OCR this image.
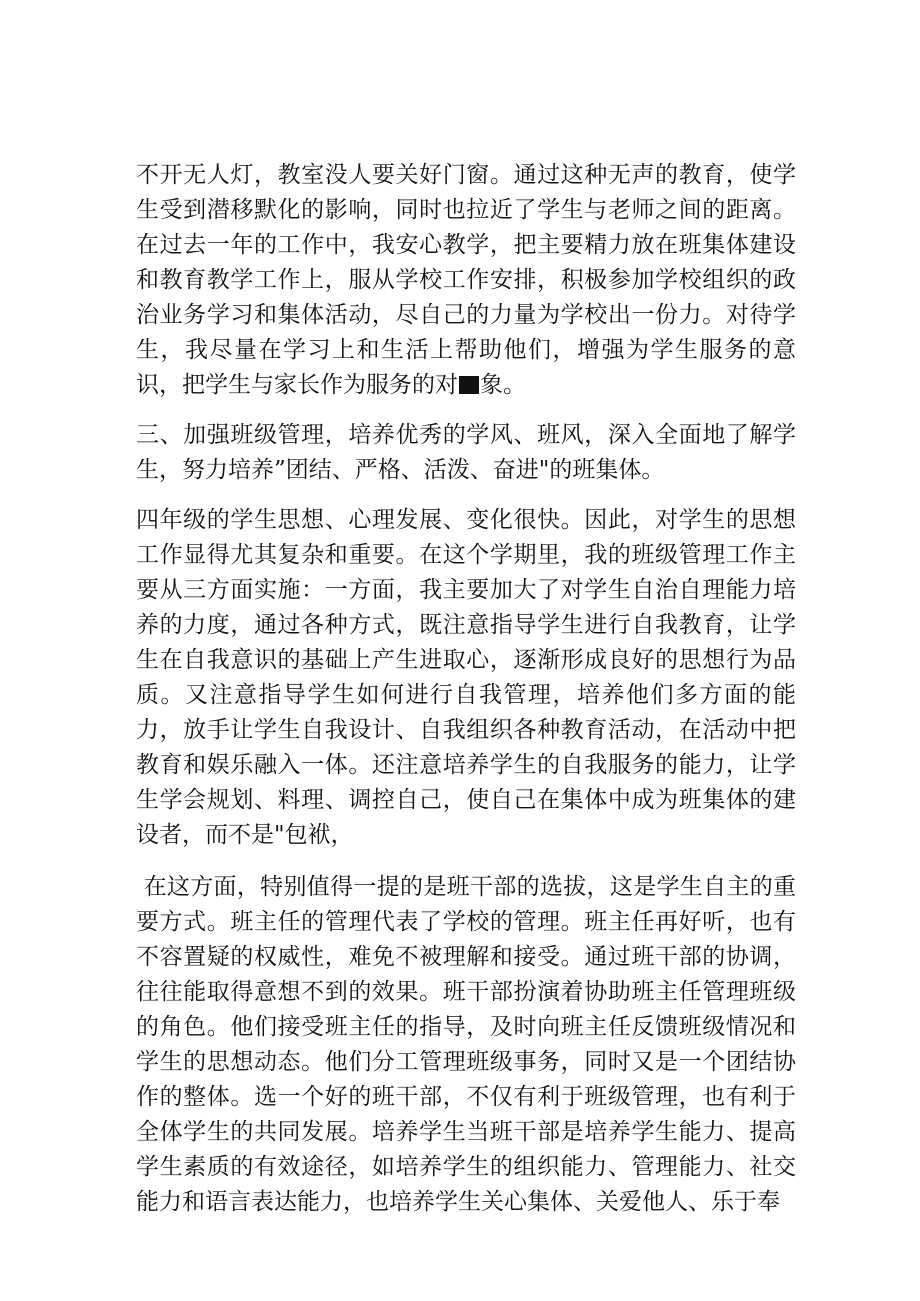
不开无人灯，教室没人要关好门窗。通过这种无声的教育，使学生受到潜移默化的影响，同时也拉近了学生与老师之间的距离。在过去一年的工作中，我安心教学，把主要精力放在班集体建设和教育教学工作上，服从学校工作安排，积极参加学校组织的政治业务学习和集体活动，尽自己的力量为学校出一份力。对待学生，我尽量在学习上和生活上帮助他们，增强为学生服务的意识，把学生与家长作为服务的对 象。

三、加强班级管理，培养优秀的学风、班风，深入全面地了解学生，努力培养”团结、严格、活泼、奋进"的班集体。

四年级的学生思想、心理发展、变化很快。因此，对学生的思想工作显得尤其复杂和重要。在这个学期里，我的班级管理工作主要从三方面实施：一方面，我主要加大了对学生自治自理能力培养的力度，通过各种方式，既注意指导学生进行自我教育，让学生在自我意识的基础上产生进取心，逐渐形成良好的思想行为品质。又注意指导学生如何进行自我管理，培养他们多方面的能力，放手让学生自我设计、自我组织各种教育活动，在活动中把教育和娱乐融入一体。还注意培养学生的自我服务的能力，让学生学会规划、料理、调控自己，使自己在集体中成为班集体的建设者，而不是"包袱，

在这方面，特别值得一提的是班干部的选拔，这是学生自主的重要方式。班主任的管理代表了学校的管理。班主任再好听，也有不容置疑的权威性，难免不被理解和接受。通过班干部的协调，往往能取得意想不到的效果。班干部扮演着协助班主任管理班级的角色。他们接受班主任的指导，及时向班主任反馈班级情况和学生的思想动态。他们分工管理班级事务，同时又是一个团结协作的整体。选一个好的班干部，不仅有利于班级管理，也有利于全体学生的共同发展。培养学生当班干部是培养学生能力、提高学生素质的有效途径，如培养学生的组织能力、管理能力、社交能力和语言表达能力，也培养学生关心集体、关爱他人、乐于奉
